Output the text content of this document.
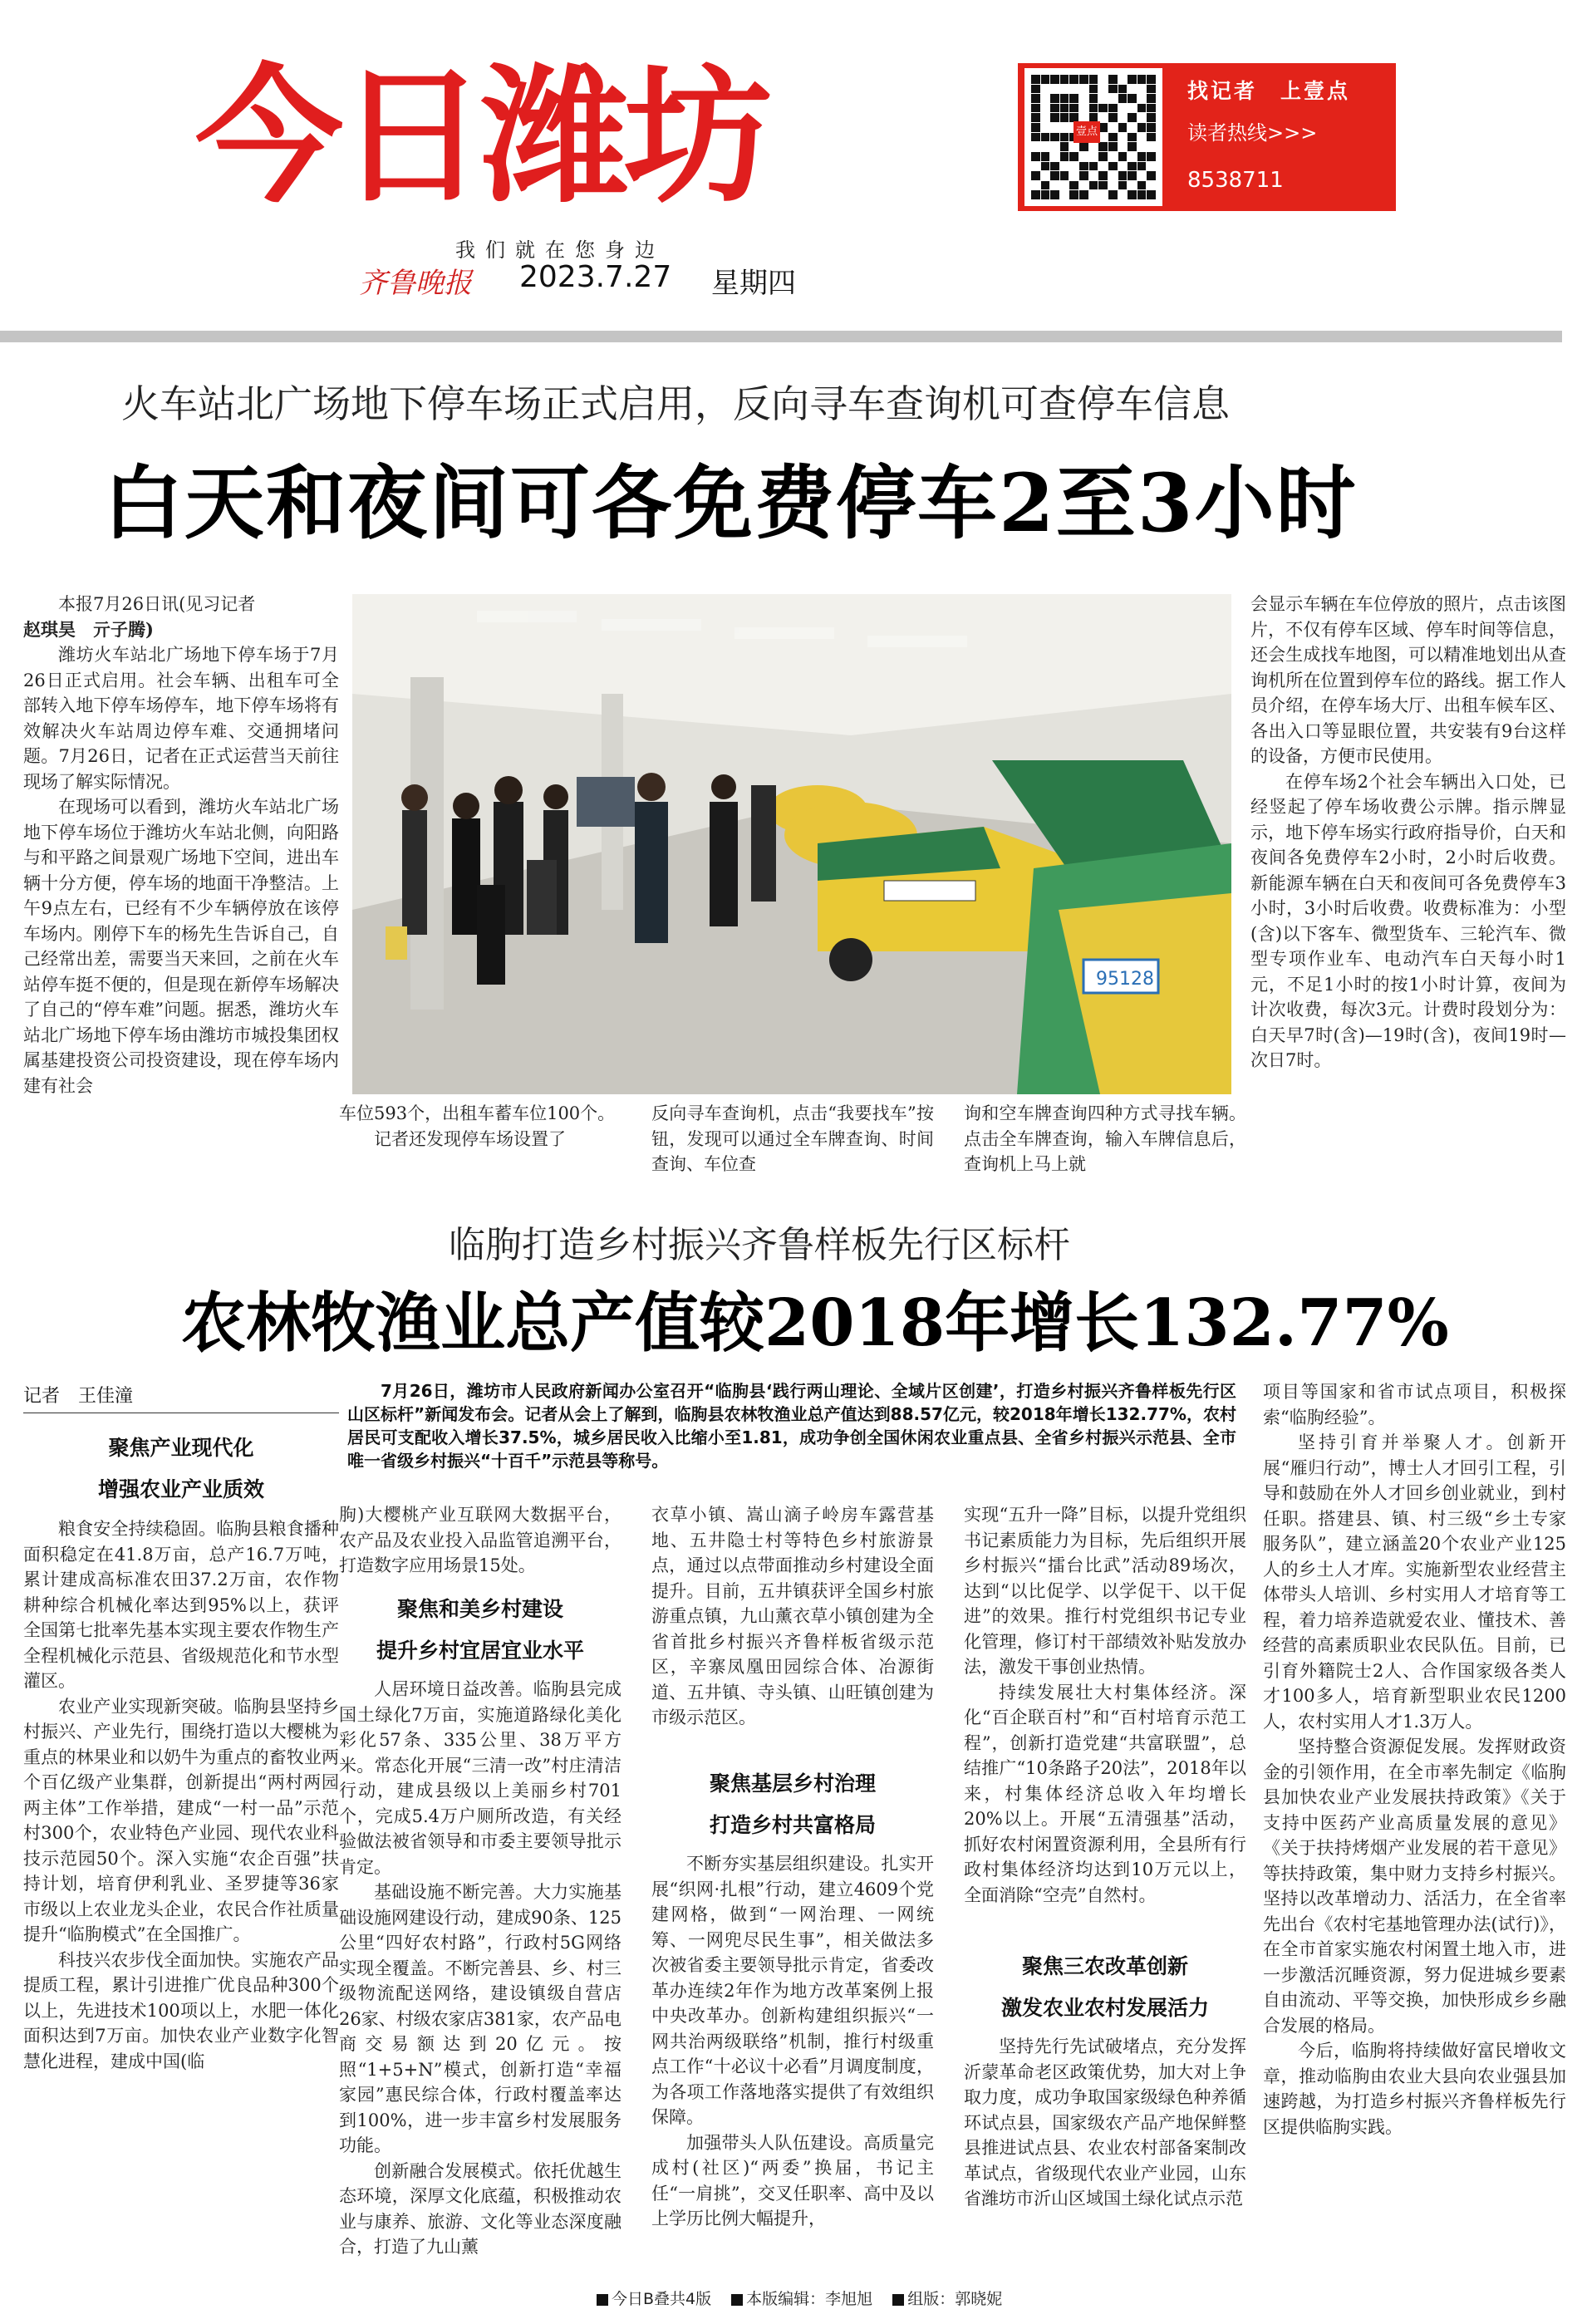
今日潍坊
我们就在您身边
齐鲁晚报 2023.7.27 星期四
壹点
找记者　上壹点
读者热线>>>
8538711
火车站北广场地下停车场正式启用，反向寻车查询机可查停车信息
白天和夜间可各免费停车2至3小时

本报7月26日讯(见习记者

赵琪昊　亓子腾)

潍坊火车站北广场地下停车场于7月26日正式启用。社会车辆、出租车可全部转入地下停车场停车，地下停车场将有效解决火车站周边停车难、交通拥堵问题。7月26日，记者在正式运营当天前往现场了解实际情况。

在现场可以看到，潍坊火车站北广场地下停车场位于潍坊火车站北侧，向阳路与和平路之间景观广场地下空间，进出车辆十分方便，停车场的地面干净整洁。上午9点左右，已经有不少车辆停放在该停车场内。刚停下车的杨先生告诉自己，自己经常出差，需要当天来回，之前在火车站停车挺不便的，但是现在新停车场解决了自己的“停车难”问题。据悉，潍坊火车站北广场地下停车场由潍坊市城投集团权属基建投资公司投资建设，现在停车场内建有社会

95128

车位593个，出租车蓄车位100个。

记者还发现停车场设置了

反向寻车查询机，点击“我要找车”按钮，发现可以通过全车牌查询、时间查询、车位查

询和空车牌查询四种方式寻找车辆。点击全车牌查询，输入车牌信息后，查询机上马上就

会显示车辆在车位停放的照片，点击该图片，不仅有停车区域、停车时间等信息，还会生成找车地图，可以精准地划出从查询机所在位置到停车位的路线。据工作人员介绍，在停车场大厅、出租车候车区、各出入口等显眼位置，共安装有9台这样的设备，方便市民使用。

在停车场2个社会车辆出入口处，已经竖起了停车场收费公示牌。指示牌显示，地下停车场实行政府指导价，白天和夜间各免费停车2小时，2小时后收费。新能源车辆在白天和夜间可各免费停车3小时，3小时后收费。收费标准为：小型(含)以下客车、微型货车、三轮汽车、微型专项作业车、电动汽车白天每小时1元，不足1小时的按1小时计算，夜间为计次收费，每次3元。计费时段划分为：白天早7时(含)—19时(含)，夜间19时—次日7时。

临朐打造乡村振兴齐鲁样板先行区标杆
农林牧渔业总产值较2018年增长132.77%
记者　王佳潼	7月26日，潍坊市人民政府新闻办公室召开“临朐县‘践行两山理论、全域片区创建’，打造乡村振兴齐鲁样板先行区山区标杆”新闻发布会。记者从会上了解到，临朐县农林牧渔业总产值达到88.57亿元，较2018年增长132.77%，农村居民可支配收入增长37.5%，城乡居民收入比缩小至1.81，成功争创全国休闲农业重点县、全省乡村振兴示范县、全市唯一省级乡村振兴“十百千”示范县等称号。

聚焦产业现代化
增强农业产业质效

粮食安全持续稳固。临朐县粮食播种面积稳定在41.8万亩，总产16.7万吨，累计建成高标准农田37.2万亩，农作物耕种综合机械化率达到95%以上，获评全国第七批率先基本实现主要农作物生产全程机械化示范县、省级规范化和节水型灌区。

农业产业实现新突破。临朐县坚持乡村振兴、产业先行，围绕打造以大樱桃为重点的林果业和以奶牛为重点的畜牧业两个百亿级产业集群，创新提出“两村两园两主体”工作举措，建成“一村一品”示范村300个，农业特色产业园、现代农业科技示范园50个。深入实施“农企百强”扶持计划，培育伊利乳业、圣罗捷等36家市级以上农业龙头企业，农民合作社质量提升“临朐模式”在全国推广。

科技兴农步伐全面加快。实施农产品提质工程，累计引进推广优良品种300个以上，先进技术100项以上，水肥一体化面积达到7万亩。加快农业产业数字化智慧化进程，建成中国(临

朐)大樱桃产业互联网大数据平台，农产品及农业投入品监管追溯平台，打造数字应用场景15处。

聚焦和美乡村建设
提升乡村宜居宜业水平

人居环境日益改善。临朐县完成国土绿化7万亩，实施道路绿化美化彩化57条、335公里、38万平方米。常态化开展“三清一改”村庄清洁行动，建成县级以上美丽乡村701个，完成5.4万户厕所改造，有关经验做法被省领导和市委主要领导批示肯定。

基础设施不断完善。大力实施基础设施网建设行动，建成90条、125公里“四好农村路”，行政村5G网络实现全覆盖。不断完善县、乡、村三级物流配送网络，建设镇级自营店26家、村级农家店381家，农产品电商交易额达到20亿元。按照“1+5+N”模式，创新打造“幸福家园”惠民综合体，行政村覆盖率达到100%，进一步丰富乡村发展服务功能。

创新融合发展模式。依托优越生态环境，深厚文化底蕴，积极推动农业与康养、旅游、文化等业态深度融合，打造了九山薰

衣草小镇、嵩山滴子岭房车露营基地、五井隐士村等特色乡村旅游景点，通过以点带面推动乡村建设全面提升。目前，五井镇获评全国乡村旅游重点镇，九山薰衣草小镇创建为全省首批乡村振兴齐鲁样板省级示范区，辛寨凤凰田园综合体、冶源街道、五井镇、寺头镇、山旺镇创建为市级示范区。

聚焦基层乡村治理
打造乡村共富格局

不断夯实基层组织建设。扎实开展“织网·扎根”行动，建立4609个党建网格，做到“一网治理、一网统筹、一网兜尽民生事”，相关做法多次被省委主要领导批示肯定，省委改革办连续2年作为地方改革案例上报中央改革办。创新构建组织振兴“一网共治两级联络”机制，推行村级重点工作“十必议十必看”月调度制度，为各项工作落地落实提供了有效组织保障。

加强带头人队伍建设。高质量完成村(社区)“两委”换届，书记主任“一肩挑”，交叉任职率、高中及以上学历比例大幅提升，

实现“五升一降”目标，以提升党组织书记素质能力为目标，先后组织开展乡村振兴“擂台比武”活动89场次，达到“以比促学、以学促干、以干促进”的效果。推行村党组织书记专业化管理，修订村干部绩效补贴发放办法，激发干事创业热情。

持续发展壮大村集体经济。深化“百企联百村”和“百村培育示范工程”，创新打造党建“共富联盟”，总结推广“10条路子20法”，2018年以来，村集体经济总收入年均增长20%以上。开展“五清强基”活动，抓好农村闲置资源利用，全县所有行政村集体经济均达到10万元以上，全面消除“空壳”自然村。

聚焦三农改革创新
激发农业农村发展活力

坚持先行先试破堵点，充分发挥沂蒙革命老区政策优势，加大对上争取力度，成功争取国家级绿色种养循环试点县，国家级农产品产地保鲜整县推进试点县、农业农村部备案制改革试点，省级现代农业产业园，山东省潍坊市沂山区域国土绿化试点示范

项目等国家和省市试点项目，积极探索“临朐经验”。

坚持引育并举聚人才。创新开展“雁归行动”，博士人才回引工程，引导和鼓励在外人才回乡创业就业，到村任职。搭建县、镇、村三级“乡土专家服务队”，建立涵盖20个农业产业125人的乡土人才库。实施新型农业经营主体带头人培训、乡村实用人才培育等工程，着力培养造就爱农业、懂技术、善经营的高素质职业农民队伍。目前，已引育外籍院士2人、合作国家级各类人才100多人，培育新型职业农民1200人，农村实用人才1.3万人。

坚持整合资源促发展。发挥财政资金的引领作用，在全市率先制定《临朐县加快农业产业发展扶持政策》《关于支持中医药产业高质量发展的意见》《关于扶持烤烟产业发展的若干意见》等扶持政策，集中财力支持乡村振兴。坚持以改革增动力、活活力，在全省率先出台《农村宅基地管理办法(试行)》，在全市首家实施农村闲置土地入市，进一步激活沉睡资源，努力促进城乡要素自由流动、平等交换，加快形成乡乡融合发展的格局。

今后，临朐将持续做好富民增收文章，推动临朐由农业大县向农业强县加速跨越，为打造乡村振兴齐鲁样板先行区提供临朐实践。

今日B叠共4版 本版编辑：李旭旭 组版：郭晓妮
